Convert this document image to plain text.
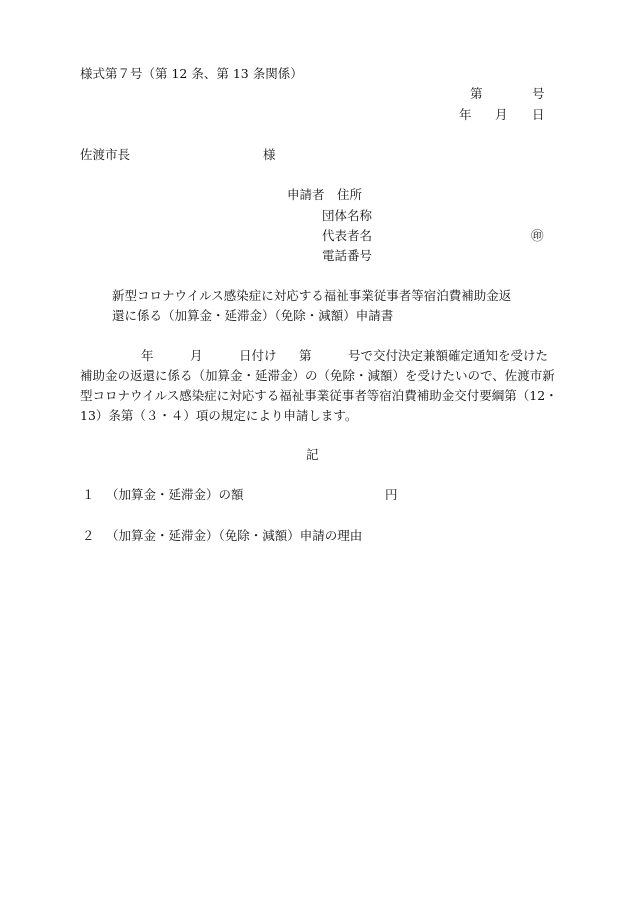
様式第７号（第 12 条、第 13 条関係）
第	号
年 月 日
佐渡市長	様
申請者 住所
団体名称
代表者名	㊞
電話番号
新型コロナウイルス感染症に対応する福祉事業従事者等宿泊費補助金返
還に係る（加算金・延滞金）（免除・減額）申請書
年	月	日付け 第	号で交付決定兼額確定通知を受けた
補助金の返還に係る（加算金・延滞金）の（免除・減額）を受けたいので、佐渡市新
型コロナウイルス感染症に対応する福祉事業従事者等宿泊費補助金交付要綱第（12・
13）条第（３・４）項の規定により申請します。
記
１ （加算金・延滞金）の額	円
２ （加算金・延滞金）（免除・減額）申請の理由
